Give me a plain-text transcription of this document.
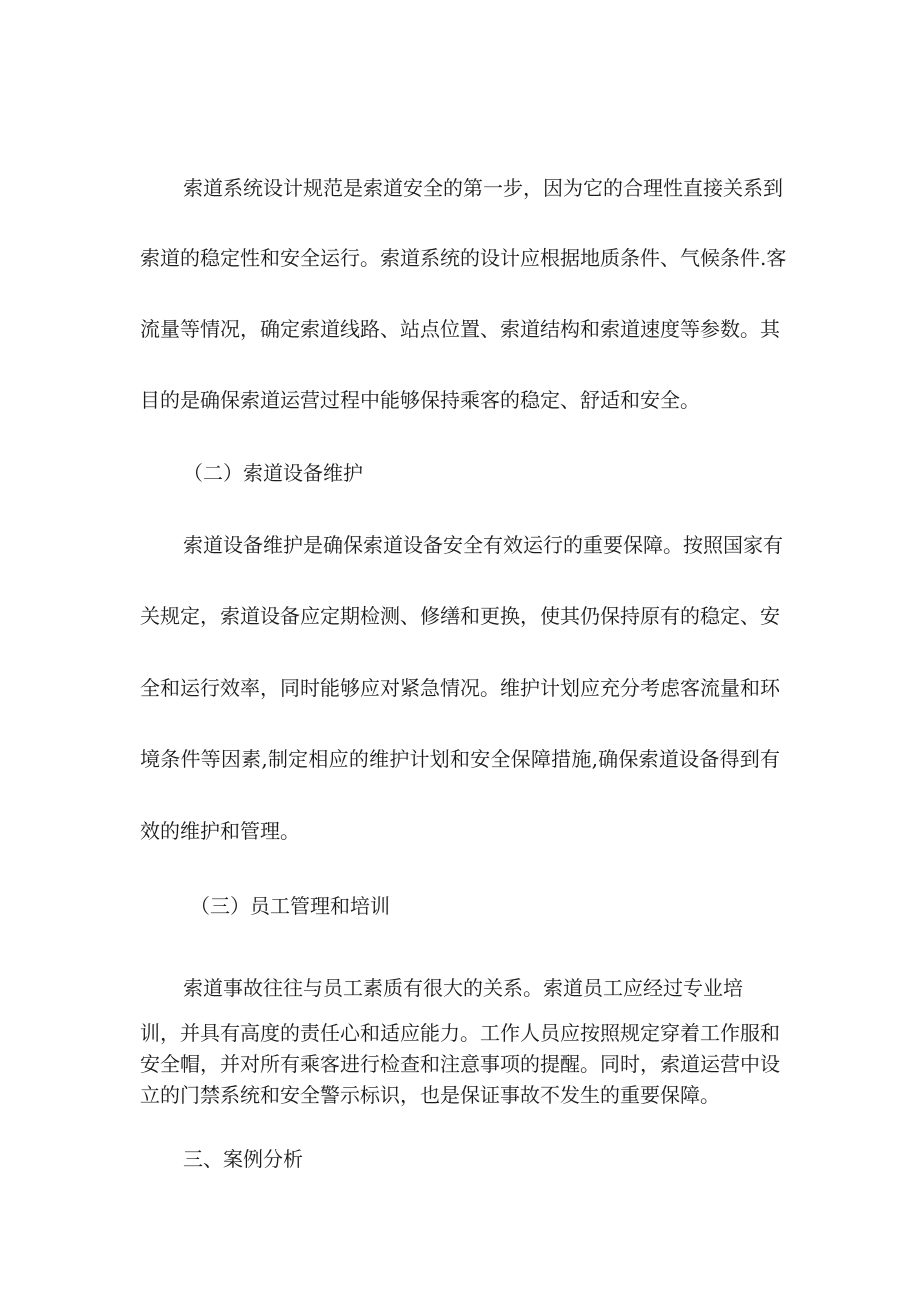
索道系统设计规范是索道安全的第一步，因为它的合理性直接关系到
索道的稳定性和安全运行。索道系统的设计应根据地质条件、气候条件.客
流量等情况，确定索道线路、站点位置、索道结构和索道速度等参数。其
目的是确保索道运营过程中能够保持乘客的稳定、舒适和安全。
（二）索道设备维护
索道设备维护是确保索道设备安全有效运行的重要保障。按照国家有
关规定，索道设备应定期检测、修缮和更换，使其仍保持原有的稳定、安
全和运行效率，同时能够应对紧急情况。维护计划应充分考虑客流量和环
境条件等因素,制定相应的维护计划和安全保障措施,确保索道设备得到有
效的维护和管理。
（三）员工管理和培训
索道事故往往与员工素质有很大的关系。索道员工应经过专业培
训，并具有高度的责任心和适应能力。工作人员应按照规定穿着工作服和
安全帽，并对所有乘客进行检查和注意事项的提醒。同时，索道运营中设
立的门禁系统和安全警示标识，也是保证事故不发生的重要保障。
三、案例分析
